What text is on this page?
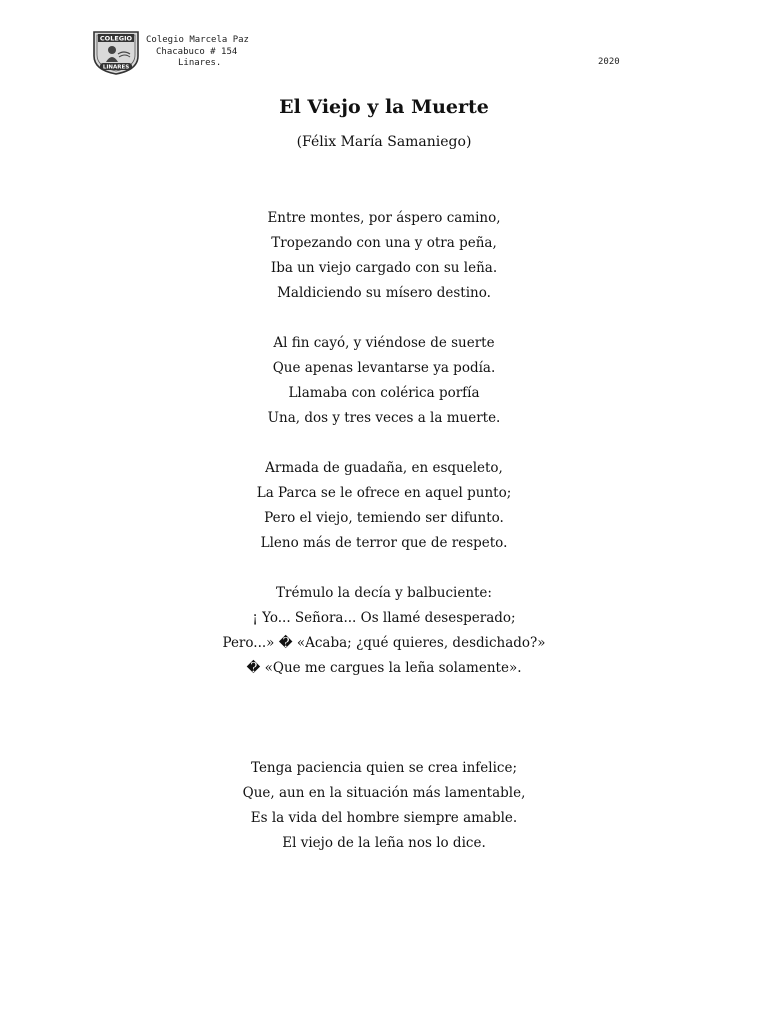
COLEGIO
LINARES
Colegio Marcela Paz
Chacabuco # 154
Linares.	2020
El Viejo y la Muerte
(Félix María Samaniego)
Entre montes, por áspero camino,
Tropezando con una y otra peña,
Iba un viejo cargado con su leña.
Maldiciendo su mísero destino.
Al fin cayó, y viéndose de suerte
Que apenas levantarse ya podía.
Llamaba con colérica porfía
Una, dos y tres veces a la muerte.
Armada de guadaña, en esqueleto,
La Parca se le ofrece en aquel punto;
Pero el viejo, temiendo ser difunto.
Lleno más de terror que de respeto.
Trémulo la decía y balbuciente:
¡ Yo... Señora... Os llamé desesperado;
Pero...» � «Acaba; ¿qué quieres, desdichado?»
� «Que me cargues la leña solamente».
Tenga paciencia quien se crea infelice;
Que, aun en la situación más lamentable,
Es la vida del hombre siempre amable.
El viejo de la leña nos lo dice.
